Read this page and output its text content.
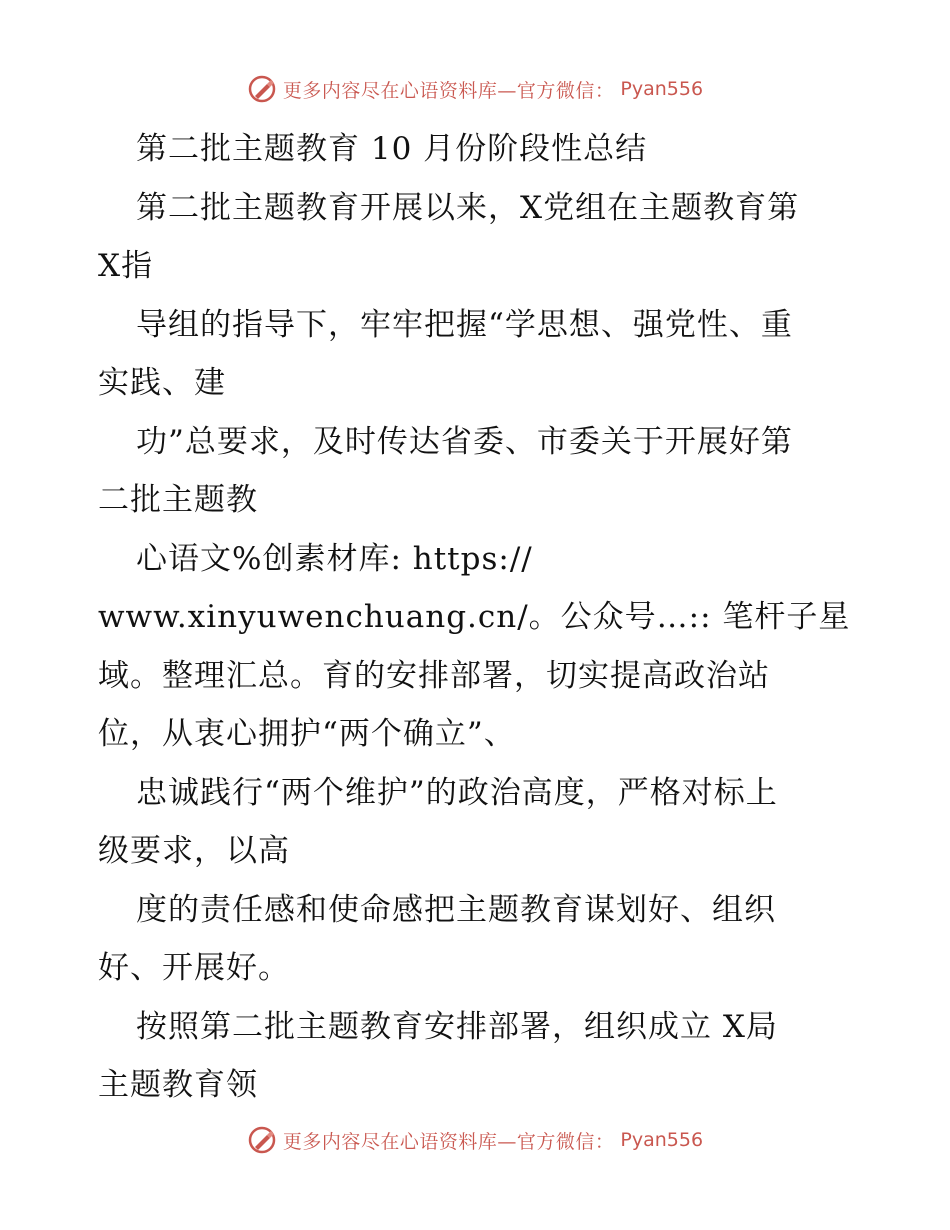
更多内容尽在心语资料库—官方微信： Pyan556
第二批主题教育 10 月份阶段性总结
第二批主题教育开展以来，X党组在主题教育第
X指
导组的指导下，牢牢把握“学思想、强党性、重
实践、建
功”总要求，及时传达省委、市委关于开展好第
二批主题教
心语文%创素材库: https://
www.xinyuwenchuang.cn/。公众号…:: 笔杆子星
域。整理汇总。育的安排部署，切实提高政治站
位，从衷心拥护“两个确立”、
忠诚践行“两个维护”的政治高度，严格对标上
级要求，以高
度的责任感和使命感把主题教育谋划好、组织
好、开展好。
按照第二批主题教育安排部署，组织成立 X局
主题教育领
更多内容尽在心语资料库—官方微信： Pyan556
